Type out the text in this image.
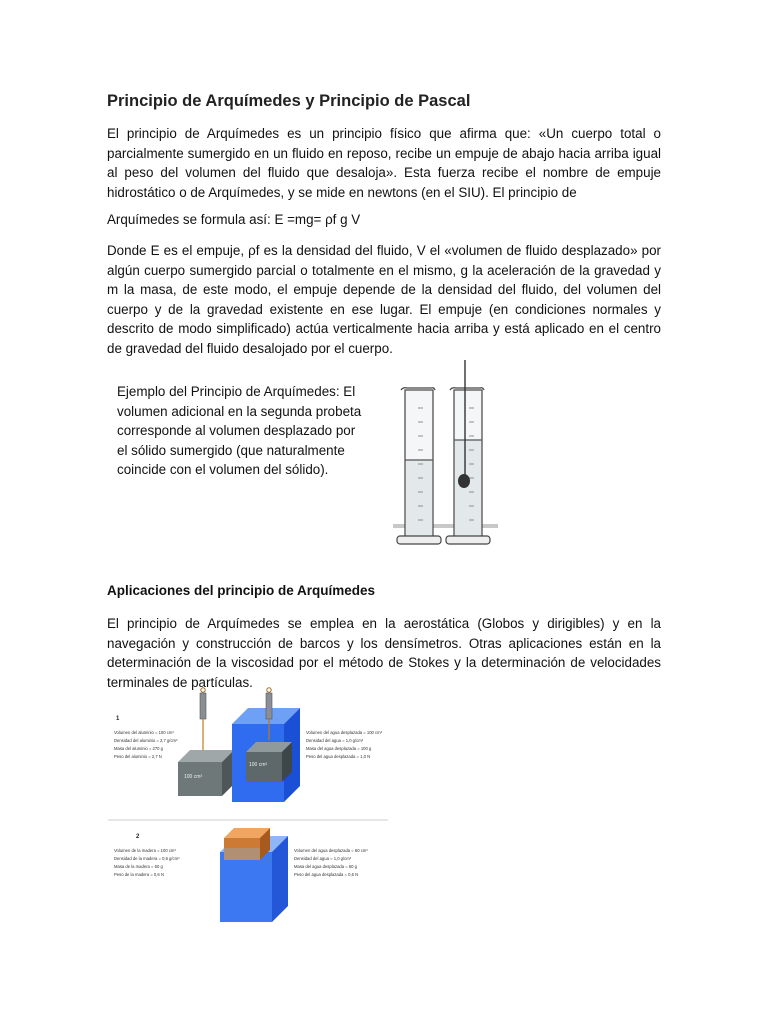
Principio de Arquímedes y Principio de Pascal

El principio de Arquímedes es un principio físico que afirma que: «Un cuerpo total o parcialmente sumergido en un fluido en reposo, recibe un empuje de abajo hacia arriba igual al peso del volumen del fluido que desaloja». Esta fuerza recibe el nombre de empuje hidrostático o de Arquímedes, y se mide en newtons (en el SIU). El principio de

Arquímedes se formula así: E =mg= ρf g V

Donde E es el empuje, ρf es la densidad del fluido, V el «volumen de fluido desplazado» por algún cuerpo sumergido parcial o totalmente en el mismo, g la aceleración de la gravedad y m la masa, de este modo, el empuje depende de la densidad del fluido, del volumen del cuerpo y de la gravedad existente en ese lugar. El empuje (en condiciones normales y descrito de modo simplificado) actúa verticalmente hacia arriba y está aplicado en el centro de gravedad del fluido desalojado por el cuerpo.

Ejemplo del Principio de Arquímedes: El volumen adicional en la segunda probeta corresponde al volumen desplazado por el sólido sumergido (que naturalmente coincide con el volumen del sólido).

Aplicaciones del principio de Arquímedes

El principio de Arquímedes se emplea en la aerostática (Globos y dirigibles) y en la navegación y construcción de barcos y los densímetros. Otras aplicaciones están en la determinación de la viscosidad por el método de Stokes y la determinación de velocidades terminales de partículas.

1
Volumen del aluminio = 100 cm³
Densidad del aluminio = 2,7 g/cm³
Masa del aluminio = 270 g
Peso del aluminio = 2,7 N
100 cm³
100 cm³
Volumen del agua desplazada = 100 cm³
Densidad del agua = 1,0 g/cm³
Masa del agua desplazada = 100 g
Peso del agua desplazada = 1,0 N
2
Volumen de la madera = 100 cm³
Densidad de la madera = 0,6 g/cm³
Masa de la madera = 60 g
Peso de la madera = 0,6 N
Volumen del agua desplazada = 60 cm³
Densidad del agua = 1,0 g/cm³
Masa del agua desplazada = 60 g
Peso del agua desplazada = 0,6 N
